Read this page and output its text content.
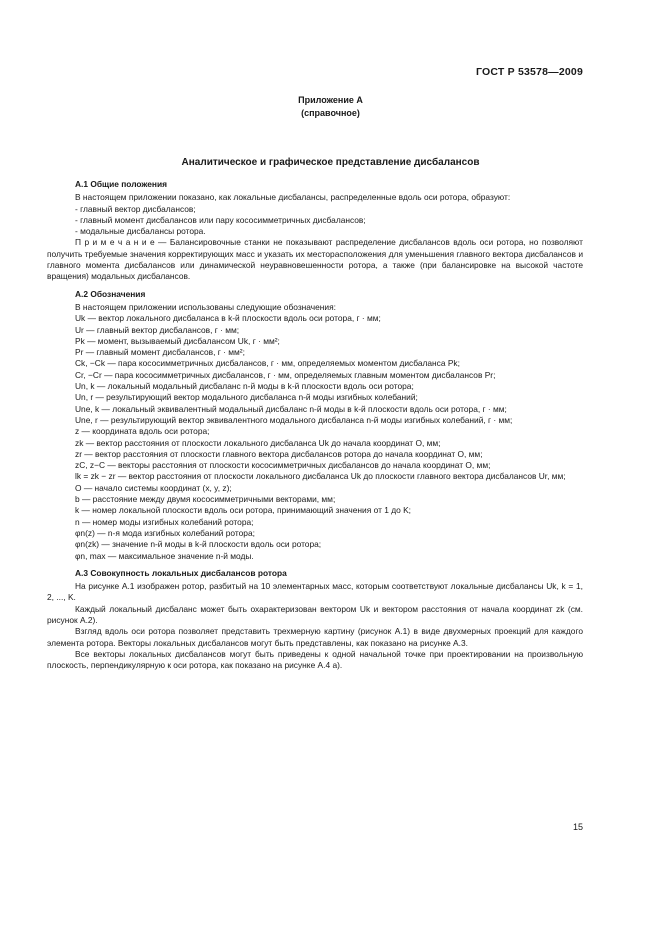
ГОСТ Р 53578—2009
Приложение А
(справочное)
Аналитическое и графическое представление дисбалансов

А.1 Общие положения

В настоящем приложении показано, как локальные дисбалансы, распределенные вдоль оси ротора, образуют:

- главный вектор дисбалансов;

- главный момент дисбалансов или пару кососимметричных дисбалансов;

- модальные дисбалансы ротора.

П р и м е ч а н и е — Балансировочные станки не показывают распределение дисбалансов вдоль оси ротора, но позволяют получить требуемые значения корректирующих масс и указать их месторасположения для уменьшения главного вектора дисбалансов и главного момента дисбалансов или динамической неуравновешенности ротора, а также (при балансировке на высокой частоте вращения) модальных дисбалансов.

А.2 Обозначения

В настоящем приложении использованы следующие обозначения:

Uk — вектор локального дисбаланса в k-й плоскости вдоль оси ротора, г · мм;

Ur — главный вектор дисбалансов, г · мм;

Pk — момент, вызываемый дисбалансом Uk, г · мм²;

Pr — главный момент дисбалансов, г · мм²;

Ck, −Ck — пара кососимметричных дисбалансов, г · мм, определяемых моментом дисбаланса Pk;

Cr, −Cr — пара кососимметричных дисбалансов, г · мм, определяемых главным моментом дисбалансов Pr;

Un, k — локальный модальный дисбаланс n-й моды в k-й плоскости вдоль оси ротора;

Un, r — результирующий вектор модального дисбаланса n-й моды изгибных колебаний;

Une, k — локальный эквивалентный модальный дисбаланс n-й моды в k-й плоскости вдоль оси ротора, г · мм;

Une, r — результирующий вектор эквивалентного модального дисбаланса n-й моды изгибных колебаний, г · мм;

z — координата вдоль оси ротора;

zk — вектор расстояния от плоскости локального дисбаланса Uk до начала координат O, мм;

zr — вектор расстояния от плоскости главного вектора дисбалансов ротора до начала координат O, мм;

zC, z−C — векторы расстояния от плоскости кососимметричных дисбалансов до начала координат O, мм;

lk = zk − zr — вектор расстояния от плоскости локального дисбаланса Uk до плоскости главного вектора дисбалансов Ur, мм;

O — начало системы координат (x, y, z);

b — расстояние между двумя кососимметричными векторами, мм;

k — номер локальной плоскости вдоль оси ротора, принимающий значения от 1 до K;

n — номер моды изгибных колебаний ротора;

φn(z) — n-я мода изгибных колебаний ротора;

φn(zk) — значение n-й моды в k-й плоскости вдоль оси ротора;

φn, max — максимальное значение n-й моды.

А.3 Совокупность локальных дисбалансов ротора

На рисунке А.1 изображен ротор, разбитый на 10 элементарных масс, которым соответствуют локальные дисбалансы Uk, k = 1, 2, ..., K.

Каждый локальный дисбаланс может быть охарактеризован вектором Uk и вектором расстояния от начала координат zk (см. рисунок А.2).

Взгляд вдоль оси ротора позволяет представить трехмерную картину (рисунок А.1) в виде двухмерных проекций для каждого элемента ротора. Векторы локальных дисбалансов могут быть представлены, как показано на рисунке А.3.

Все векторы локальных дисбалансов могут быть приведены к одной начальной точке при проектировании на произвольную плоскость, перпендикулярную к оси ротора, как показано на рисунке А.4 а).

15
